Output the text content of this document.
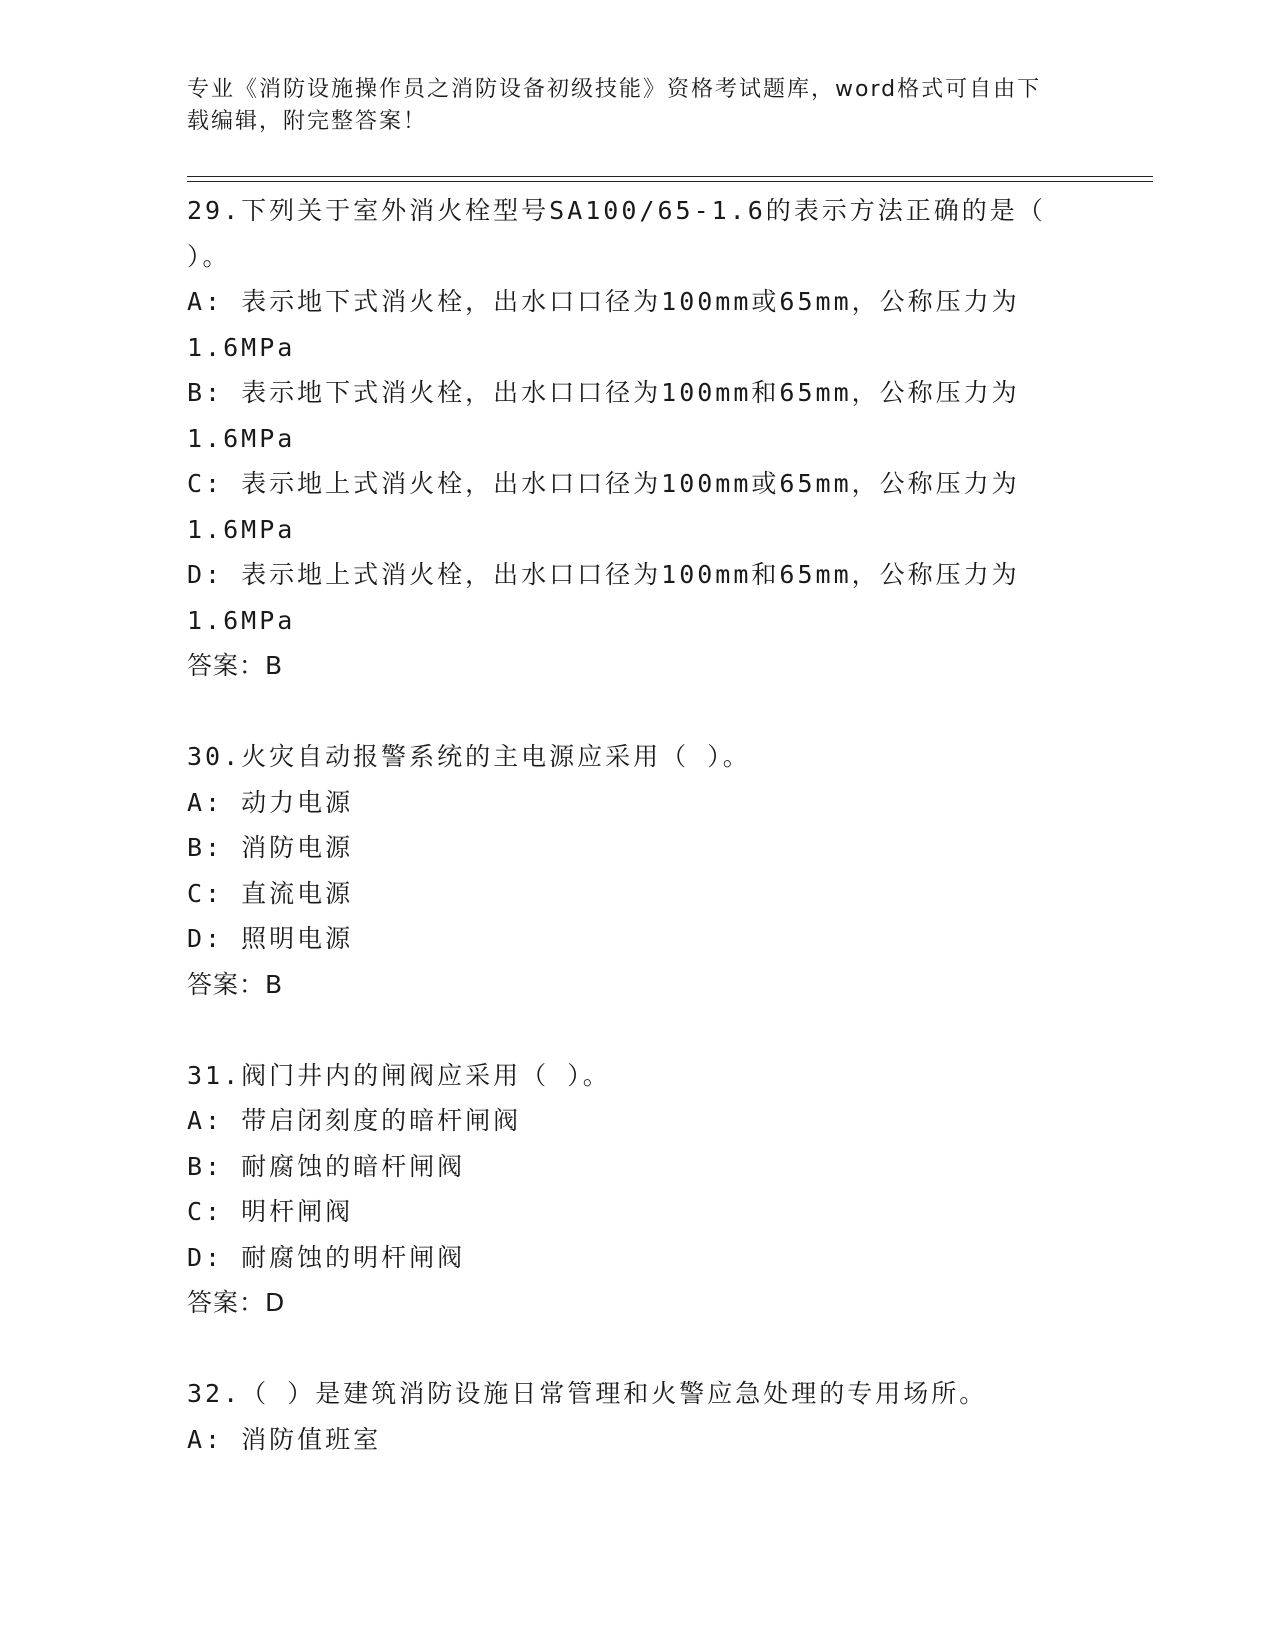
专业《消防设施操作员之消防设备初级技能》资格考试题库，word格式可自由下
载编辑，附完整答案！
29.下列关于室外消火栓型号SA100/65-1.6的表示方法正确的是（
）。
A: 表示地下式消火栓，出水口口径为100mm或65mm，公称压力为
1.6MPa
B: 表示地下式消火栓，出水口口径为100mm和65mm，公称压力为
1.6MPa
C: 表示地上式消火栓，出水口口径为100mm或65mm，公称压力为
1.6MPa
D: 表示地上式消火栓，出水口口径为100mm和65mm，公称压力为
1.6MPa
答案：B
30.火灾自动报警系统的主电源应采用（ ）。
A: 动力电源
B: 消防电源
C: 直流电源
D: 照明电源
答案：B
31.阀门井内的闸阀应采用（ ）。
A: 带启闭刻度的暗杆闸阀
B: 耐腐蚀的暗杆闸阀
C: 明杆闸阀
D: 耐腐蚀的明杆闸阀
答案：D
32.（ ）是建筑消防设施日常管理和火警应急处理的专用场所。
A: 消防值班室
